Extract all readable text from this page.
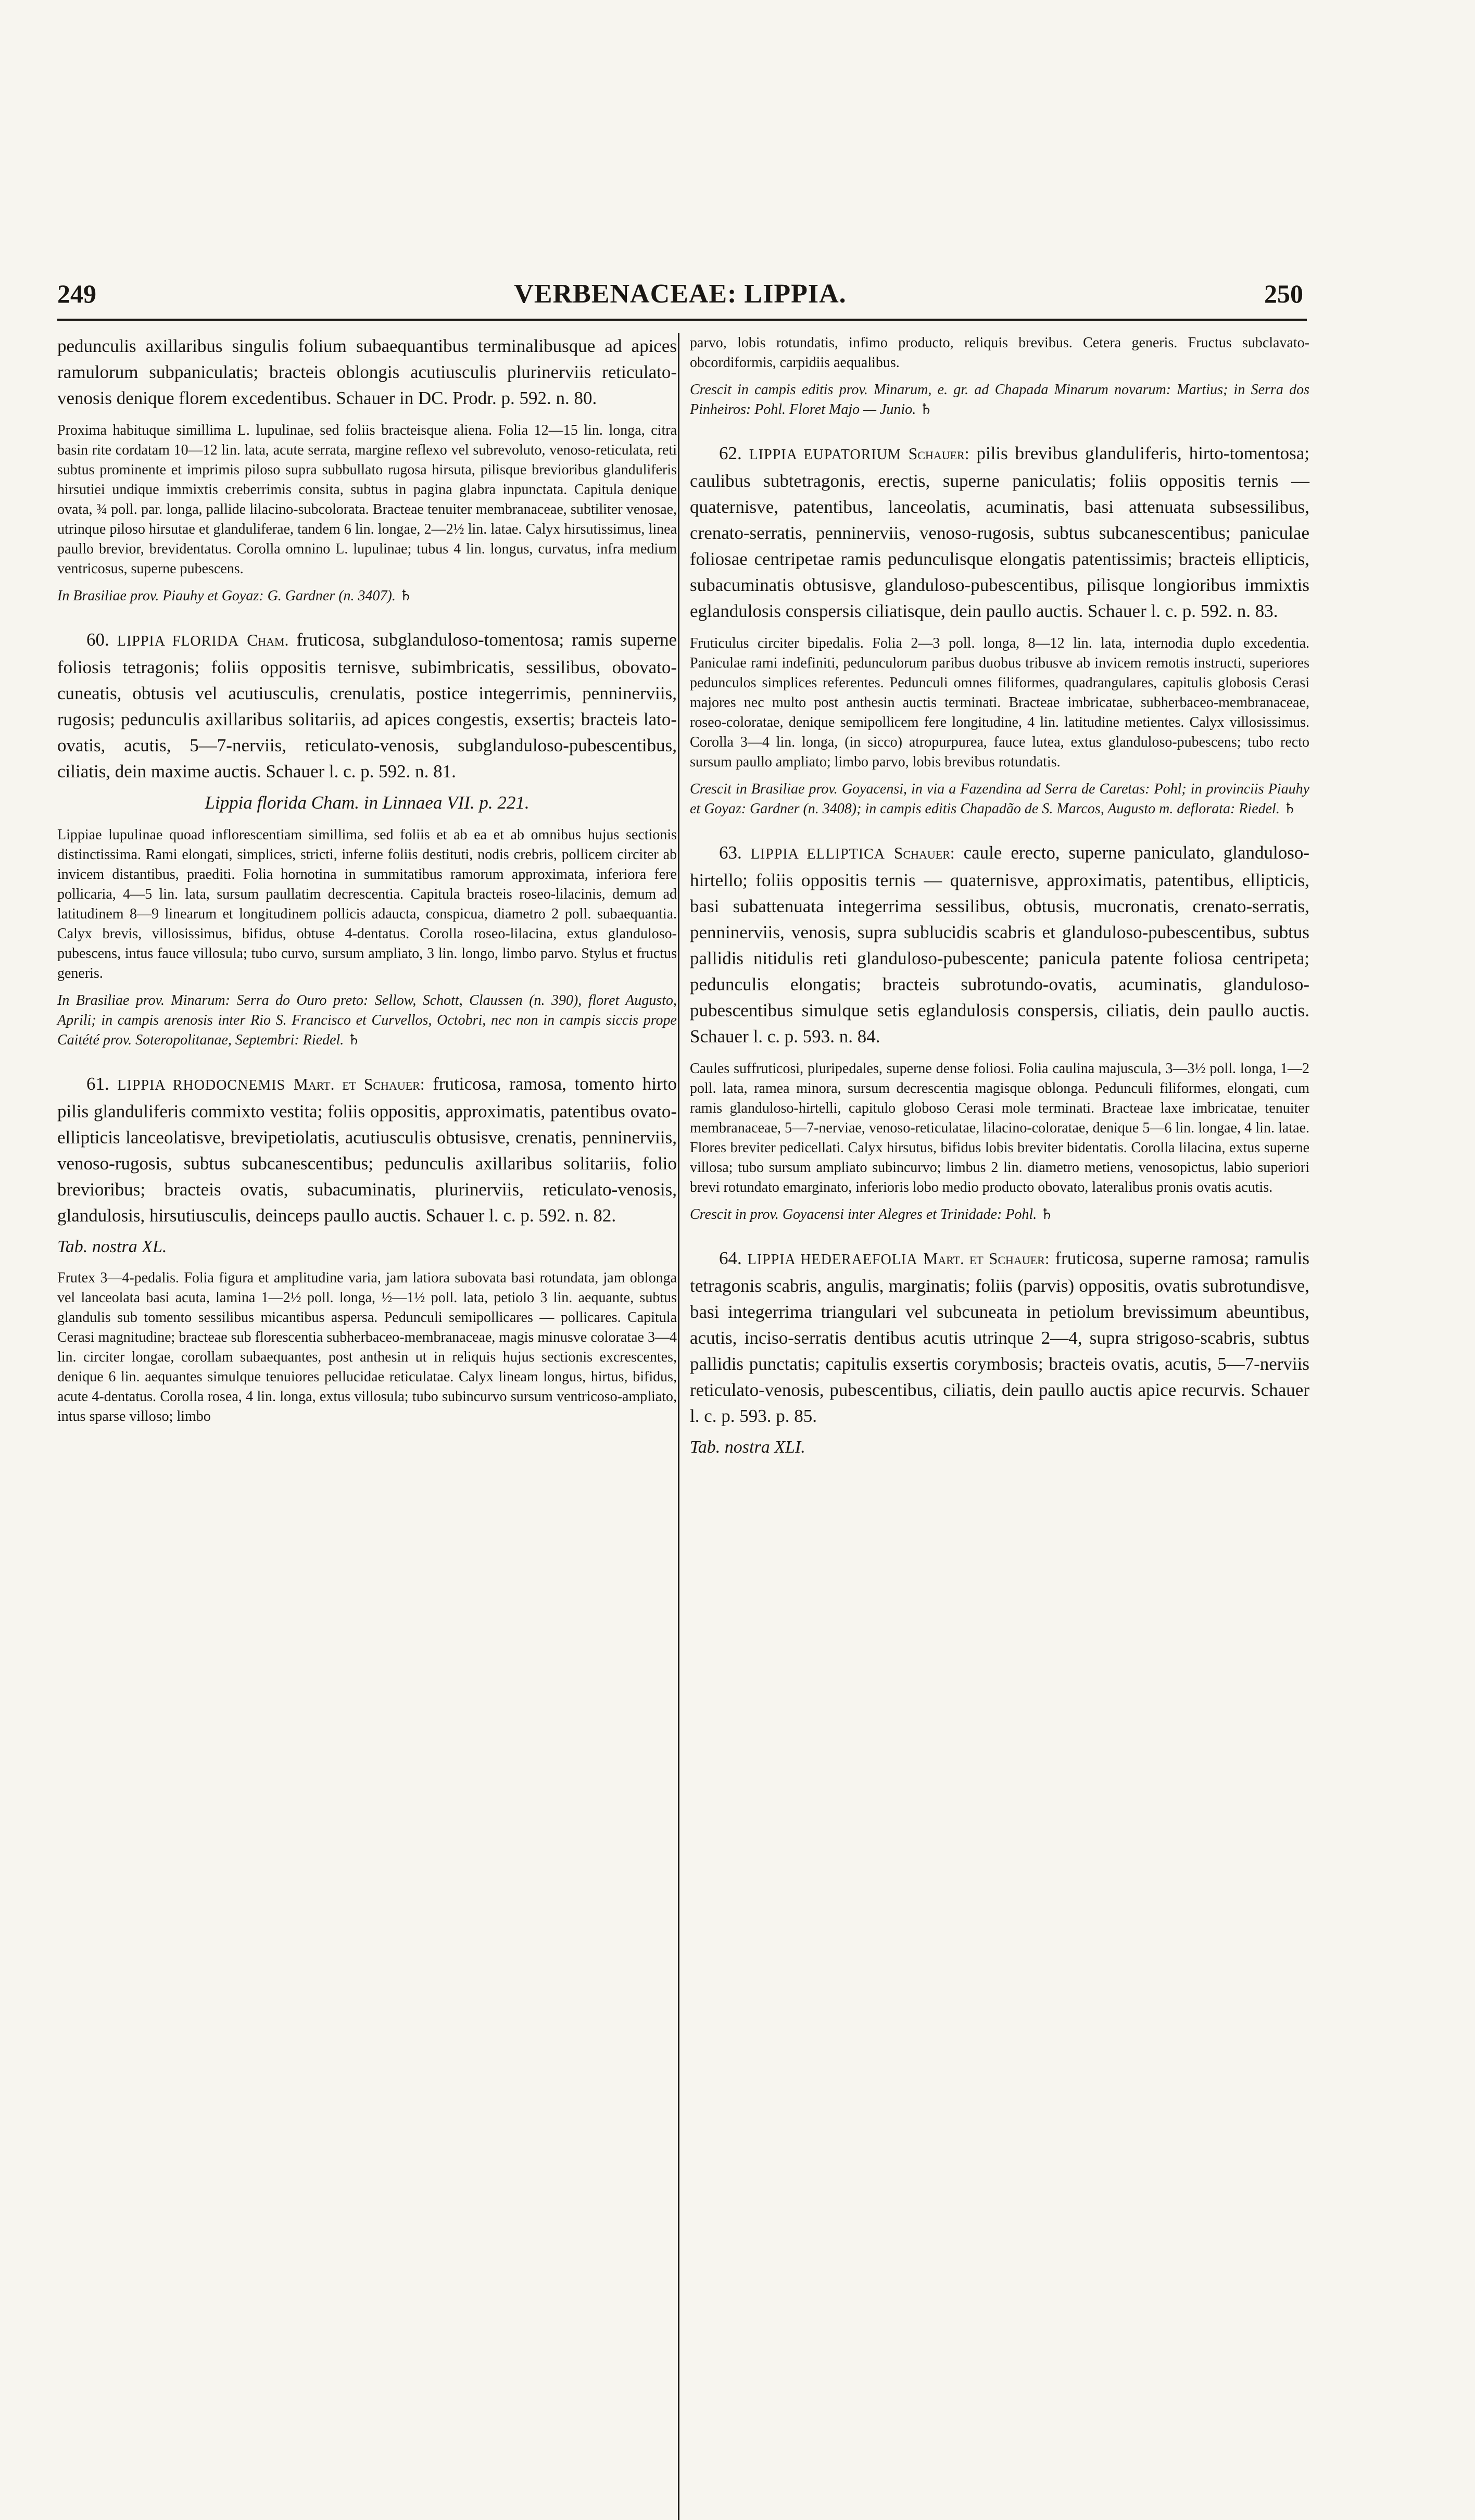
249	VERBENACEAE: LIPPIA.	250

pedunculis axillaribus singulis folium subaequantibus terminalibusque ad apices ramulorum subpaniculatis; bracteis oblongis acutiusculis plurinerviis reticulato-venosis denique florem excedentibus. Schauer in DC. Prodr. p. 592. n. 80.

Proxima habituque simillima L. lupulinae, sed foliis bracteisque alienа. Folia 12—15 lin. longa, citra basin rite cordatam 10—12 lin. lata, acute serrata, margine reflexo vel subrevoluto, venoso-reticulata, reti subtus prominente et imprimis piloso supra subbullato rugosa hirsuta, pilisque brevioribus glanduliferis hirsutiei undique immixtis creberrimis consita, subtus in pagina glabra inpunctata. Capitula denique ovata, ¾ poll. par. longa, pallide lilacino-subcolorata. Bracteae tenuiter membranaceae, subtiliter venosae, utrinque piloso hirsutae et glanduliferae, tandem 6 lin. longae, 2—2½ lin. latae. Calyx hirsutissimus, linea paullo brevior, brevidentatus. Corolla omnino L. lupulinae; tubus 4 lin. longus, curvatus, infra medium ventricosus, superne pubescens.

In Brasiliae prov. Piauhy et Goyaz: G. Gardner (n. 3407). ♄

60. LIPPIA FLORIDA Cham. fruticosa, subglanduloso-tomentosa; ramis superne foliosis tetragonis; foliis oppositis ternisve, subimbricatis, sessilibus, obovato-cuneatis, obtusis vel acutiusculis, crenulatis, postice integerrimis, penninerviis, rugosis; pedunculis axillaribus solitariis, ad apices congestis, exsertis; bracteis lato-ovatis, acutis, 5—7-nerviis, reticulato-venosis, subglanduloso-pubescentibus, ciliatis, dein maxime auctis. Schauer l. c. p. 592. n. 81.

Lippia florida Cham. in Linnaea VII. p. 221.

Lippiae lupulinae quoad inflorescentiam simillima, sed foliis et ab ea et ab omnibus hujus sectionis distinctissima. Rami elongati, simplices, stricti, inferne foliis destituti, nodis crebris, pollicem circiter ab invicem distantibus, praediti. Folia hornotina in summitatibus ramorum approximata, inferiora fere pollicaria, 4—5 lin. lata, sursum paullatim decrescentia. Capitula bracteis roseo-lilacinis, demum ad latitudinem 8—9 linearum et longitudinem pollicis adaucta, conspicua, diametro 2 poll. subaequantia. Calyx brevis, villosissimus, bifidus, obtuse 4-dentatus. Corolla roseo-lilacina, extus glanduloso-pubescens, intus fauce villosula; tubo curvo, sursum ampliato, 3 lin. longo, limbo parvo. Stylus et fructus generis.

In Brasiliae prov. Minarum: Serra do Ouro preto: Sellow, Schott, Claussen (n. 390), floret Augusto, Aprili; in campis arenosis inter Rio S. Francisco et Curvellos, Octobri, nec non in campis siccis prope Caitété prov. Soteropolitanae, Septembri: Riedel. ♄

61. LIPPIA RHODOCNEMIS Mart. et Schauer: fruticosa, ramosa, tomento hirto pilis glanduliferis commixto vestita; foliis oppositis, approximatis, patentibus ovato-ellipticis lanceolatisve, brevipetiolatis, acutiusculis obtusisve, crenatis, penninerviis, venoso-rugosis, subtus subcanescentibus; pedunculis axillaribus solitariis, folio brevioribus; bracteis ovatis, subacuminatis, plurinerviis, reticulato-venosis, glandulosis, hirsutiusculis, deinceps paullo auctis. Schauer l. c. p. 592. n. 82.

Tab. nostra XL.

Frutex 3—4-pedalis. Folia figura et amplitudine varia, jam latiora subovata basi rotundata, jam oblonga vel lanceolata basi acuta, lamina 1—2½ poll. longa, ½—1½ poll. lata, petiolo 3 lin. aequante, subtus glandulis sub tomento sessilibus micantibus aspersa. Pedunculi semipollicares — pollicares. Capitula Cerasi magnitudine; bracteae sub florescentia subherbaceo-membranaceae, magis minusve coloratae 3—4 lin. circiter longae, corollam subaequantes, post anthesin ut in reliquis hujus sectionis excrescentes, denique 6 lin. aequantes simulque tenuiores pellucidae reticulatae. Calyx lineam longus, hirtus, bifidus, acute 4-dentatus. Corolla rosea, 4 lin. longa, extus villosula; tubo subincurvo sursum ventricoso-ampliato, intus sparse villoso; limbo

parvo, lobis rotundatis, infimo producto, reliquis brevibus. Cetera generis. Fructus subclavato-obcordiformis, carpidiis aequalibus.

Crescit in campis editis prov. Minarum, e. gr. ad Chapada Minarum novarum: Martius; in Serra dos Pinheiros: Pohl. Floret Majo — Junio. ♄

62. LIPPIA EUPATORIUM Schauer: pilis brevibus glanduliferis, hirto-tomentosa; caulibus subtetragonis, erectis, superne paniculatis; foliis oppositis ternis — quaternisve, patentibus, lanceolatis, acuminatis, basi attenuata subsessilibus, crenato-serratis, penninerviis, venoso-rugosis, subtus subcanescentibus; paniculae foliosae centripetae ramis pedunculisque elongatis patentissimis; bracteis ellipticis, subacuminatis obtusisve, glanduloso-pubescentibus, pilisque longioribus immixtis eglandulosis conspersis ciliatisque, dein paullo auctis. Schauer l. c. p. 592. n. 83.

Fruticulus circiter bipedalis. Folia 2—3 poll. longa, 8—12 lin. lata, internodia duplo excedentia. Paniculae rami indefiniti, pedunculorum paribus duobus tribusve ab invicem remotis instructi, superiores pedunculos simplices referentes. Pedunculi omnes filiformes, quadrangulares, capitulis globosis Cerasi majores nec multo post anthesin auctis terminati. Bracteae imbricatae, subherbaceo-membranaceae, roseo-coloratae, denique semipollicem fere longitudine, 4 lin. latitudine metientes. Calyx villosissimus. Corolla 3—4 lin. longa, (in sicco) atropurpurea, fauce lutea, extus glanduloso-pubescens; tubo recto sursum paullo ampliato; limbo parvo, lobis brevibus rotundatis.

Crescit in Brasiliae prov. Goyacensi, in via a Fazendina ad Serra de Caretas: Pohl; in provinciis Piauhy et Goyaz: Gardner (n. 3408); in campis editis Chapadão de S. Marcos, Augusto m. deflorata: Riedel. ♄

63. LIPPIA ELLIPTICA Schauer: caule erecto, superne paniculato, glanduloso-hirtello; foliis oppositis ternis — quaternisve, approximatis, patentibus, ellipticis, basi subattenuata integerrima sessilibus, obtusis, mucronatis, crenato-serratis, penninerviis, venosis, supra sublucidis scabris et glanduloso-pubescentibus, subtus pallidis nitidulis reti glanduloso-pubescente; panicula patente foliosa centripeta; pedunculis elongatis; bracteis subrotundo-ovatis, acuminatis, glanduloso-pubescentibus simulque setis eglandulosis conspersis, ciliatis, dein paullo auctis. Schauer l. c. p. 593. n. 84.

Caules suffruticosi, pluripedales, superne dense foliosi. Folia caulina majuscula, 3—3½ poll. longa, 1—2 poll. lata, ramea minora, sursum decrescentia magisque oblonga. Pedunculi filiformes, elongati, cum ramis glanduloso-hirtelli, capitulo globoso Cerasi mole terminati. Bracteae laxe imbricatae, tenuiter membranaceae, 5—7-nerviae, venoso-reticulatae, lilacino-coloratae, denique 5—6 lin. longae, 4 lin. latae. Flores breviter pedicellati. Calyx hirsutus, bifidus lobis breviter bidentatis. Corolla lilacina, extus superne villosa; tubo sursum ampliato subincurvo; limbus 2 lin. diametro metiens, venosopictus, labio superiori brevi rotundato emarginato, inferioris lobo medio producto obovato, lateralibus pronis ovatis acutis.

Crescit in prov. Goyacensi inter Alegres et Trinidade: Pohl. ♄

64. LIPPIA HEDERAEFOLIA Mart. et Schauer: fruticosa, superne ramosa; ramulis tetragonis scabris, angulis, marginatis; foliis (parvis) oppositis, ovatis subrotundisve, basi integerrima triangulari vel subcuneata in petiolum brevissimum abeuntibus, acutis, inciso-serratis dentibus acutis utrinque 2—4, supra strigoso-scabris, subtus pallidis punctatis; capitulis exsertis corymbosis; bracteis ovatis, acutis, 5—7-nerviis reticulato-venosis, pubescentibus, ciliatis, dein paullo auctis apice recurvis. Schauer l. c. p. 593. p. 85.

Tab. nostra XLI.
